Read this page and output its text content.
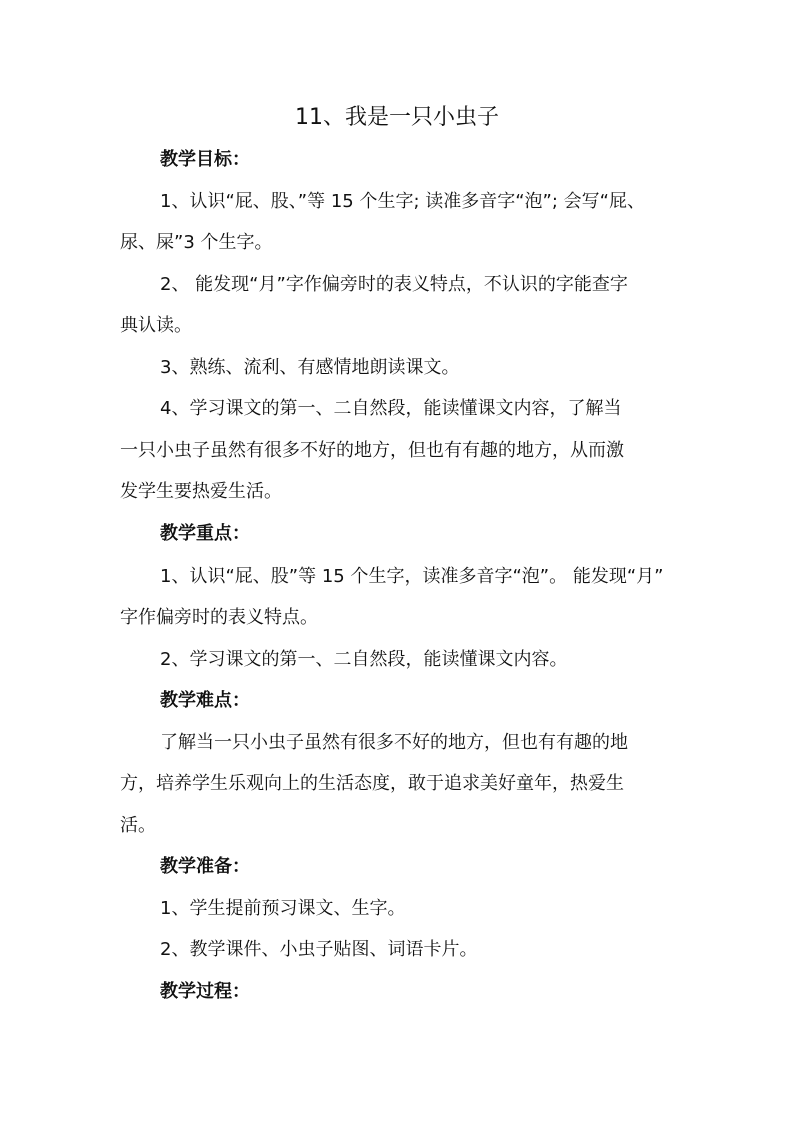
11、我是一只小虫子
教学目标：
1、认识“屁、股、”等 15 个生字; 读准多音字“泡”; 会写“屁、
尿、屎”3 个生字。
2、 能发现“月”字作偏旁时的表义特点，不认识的字能查字
典认读。
3、熟练、流利、有感情地朗读课文。
4、学习课文的第一、二自然段，能读懂课文内容，了解当
一只小虫子虽然有很多不好的地方，但也有有趣的地方，从而激
发学生要热爱生活。
教学重点：
1、认识“屁、股”等 15 个生字，读准多音字“泡”。 能发现“月”
字作偏旁时的表义特点。
2、学习课文的第一、二自然段，能读懂课文内容。
教学难点：
了解当一只小虫子虽然有很多不好的地方，但也有有趣的地
方，培养学生乐观向上的生活态度，敢于追求美好童年，热爱生
活。
教学准备：
1、学生提前预习课文、生字。
2、教学课件、小虫子贴图、词语卡片。
教学过程：
